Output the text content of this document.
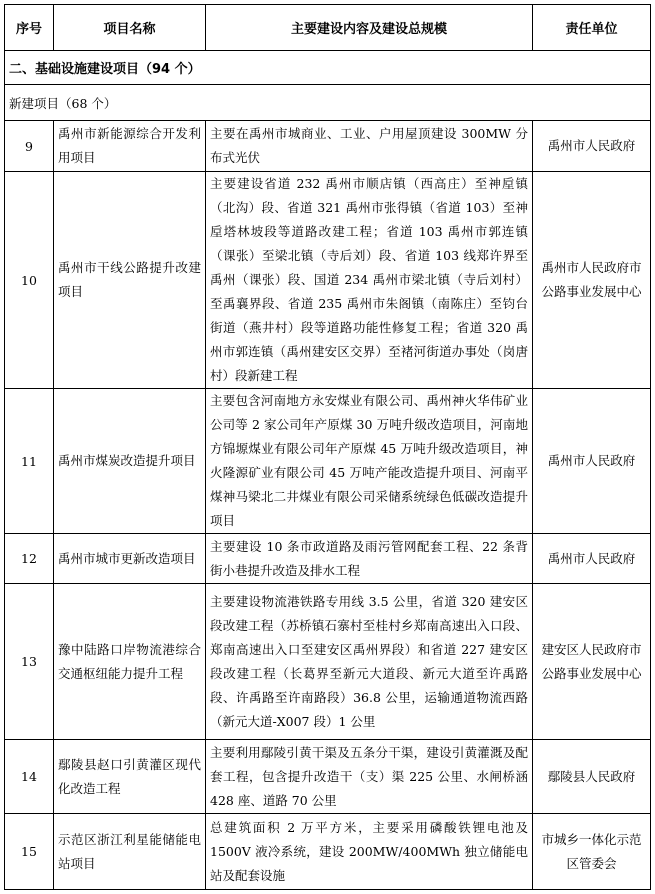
序号	项目名称	主要建设内容及建设总规模	责任单位
二、基础设施建设项目（94 个）			
新建项目（68 个）			
9	禹州市新能源综合开发利用项目	主要在禹州市城商业、工业、户用屋顶建设 300MW 分布式光伏	禹州市人民政府
10	禹州市干线公路提升改建项目	主要建设省道 232 禹州市顺店镇（西高庄）至神垕镇（北沟）段、省道 321 禹州市张得镇（省道 103）至神垕塔林坡段等道路改建工程；省道 103 禹州市郭连镇（课张）至梁北镇（寺后刘）段、省道 103 线郑许界至禹州（课张）段、国道 234 禹州市梁北镇（寺后刘村）至禹襄界段、省道 235 禹州市朱阁镇（南陈庄）至钧台街道（燕井村）段等道路功能性修复工程；省道 320 禹州市郭连镇（禹州建安区交界）至褚河街道办事处（岗唐村）段新建工程	禹州市人民政府市公路事业发展中心
11	禹州市煤炭改造提升项目	主要包含河南地方永安煤业有限公司、禹州神火华伟矿业公司等 2 家公司年产原煤 30 万吨升级改造项目，河南地方锦塬煤业有限公司年产原煤 45 万吨升级改造项目，神火隆源矿业有限公司 45 万吨产能改造提升项目、河南平煤神马梁北二井煤业有限公司采储系统绿色低碳改造提升项目	禹州市人民政府
12	禹州市城市更新改造项目	主要建设 10 条市政道路及雨污管网配套工程、22 条背街小巷提升改造及排水工程	禹州市人民政府
13	豫中陆路口岸物流港综合交通枢纽能力提升工程	主要建设物流港铁路专用线 3.5 公里，省道 320 建安区段改建工程（苏桥镇石寨村至桂村乡郑南高速出入口段、郑南高速出入口至建安区禹州界段）和省道 227 建安区段改建工程（长葛界至新元大道段、新元大道至许禹路段、许禹路至许南路段）36.8 公里，运输通道物流西路（新元大道-X007 段）1 公里	建安区人民政府市公路事业发展中心
14	鄢陵县赵口引黄灌区现代化改造工程	主要利用鄢陵引黄干渠及五条分干渠，建设引黄灌溉及配套工程，包含提升改造干（支）渠 225 公里、水闸桥涵 428 座、道路 70 公里	鄢陵县人民政府
15	示范区浙江利星能储能电站项目	总建筑面积 2 万平方米，主要采用磷酸铁锂电池及 1500V 液冷系统，建设 200MW/400MWh 独立储能电站及配套设施	市城乡一体化示范区管委会
